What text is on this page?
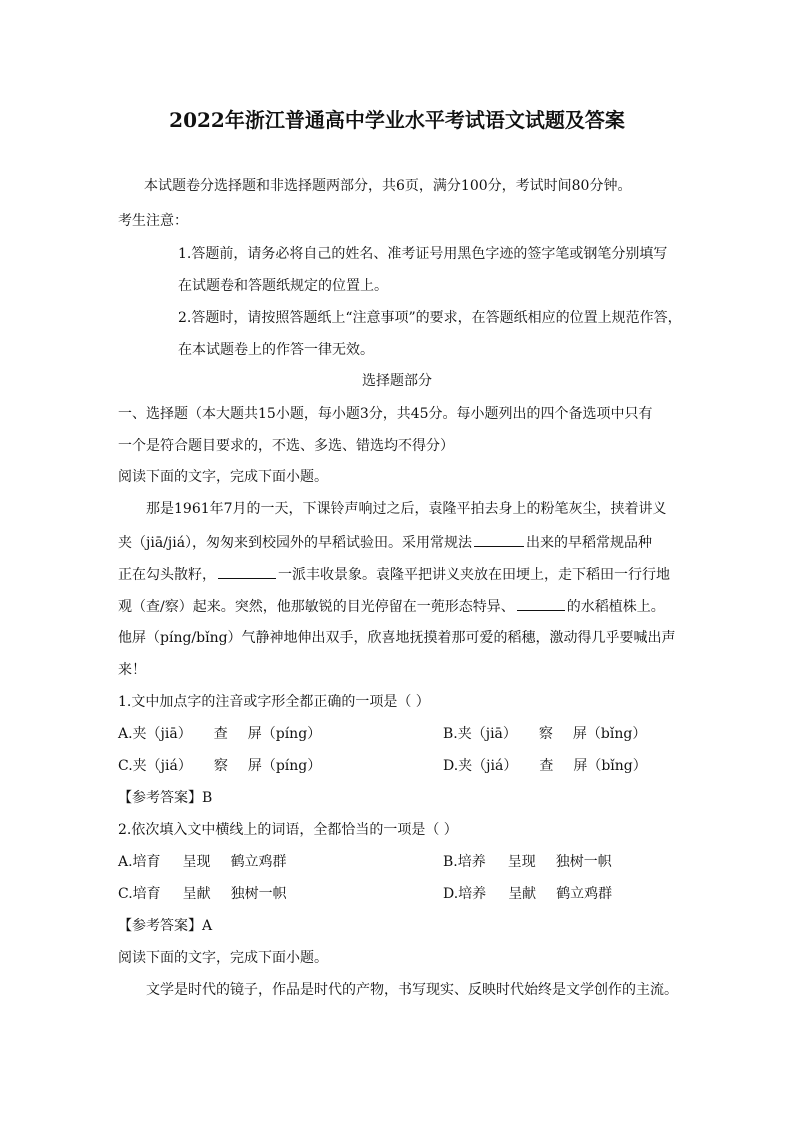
2022年浙江普通高中学业水平考试语文试题及答案
本试题卷分选择题和非选择题两部分，共6页，满分100分，考试时间80分钟。
考生注意：
1.答题前，请务必将自己的姓名、准考证号用黑色字迹的签字笔或钢笔分别填写
在试题卷和答题纸规定的位置上。
2.答题时，请按照答题纸上“注意事项”的要求，在答题纸相应的位置上规范作答，
在本试题卷上的作答一律无效。
选择题部分
一、选择题（本大题共15小题，每小题3分，共45分。每小题列出的四个备选项中只有
一个是符合题目要求的，不选、多选、错选均不得分）
阅读下面的文字，完成下面小题。
那是1961年7月的一天，下课铃声响过之后，袁隆平拍去身上的粉笔灰尘，挟着讲义
夹（jiā/jiá），匆匆来到校园外的早稻试验田。采用常规法	出来的早稻常规品种
正在勾头散籽，	一派丰收景象。袁隆平把讲义夹放在田埂上，走下稻田一行行地
观（查/察）起来。突然，他那敏锐的目光停留在一蔸形态特异、	的水稻植株上。
他屏（píng/bǐng）气静神地伸出双手，欣喜地抚摸着那可爱的稻穗，激动得几乎要喊出声
来！
1.文中加点字的注音或字形全都正确的一项是（ ）
A.夹（jiā） 查 屏（píng）	B.夹（jiā） 察 屏（bǐng）
C.夹（jiá） 察 屏（píng）	D.夹（jiá） 查 屏（bǐng）
【参考答案】B
2.依次填入文中横线上的词语，全都恰当的一项是（ ）
A.培育 呈现 鹤立鸡群	B.培养 呈现 独树一帜
C.培育 呈献 独树一帜	D.培养 呈献 鹤立鸡群
【参考答案】A
阅读下面的文字，完成下面小题。
文学是时代的镜子，作品是时代的产物，书写现实、反映时代始终是文学创作的主流。
